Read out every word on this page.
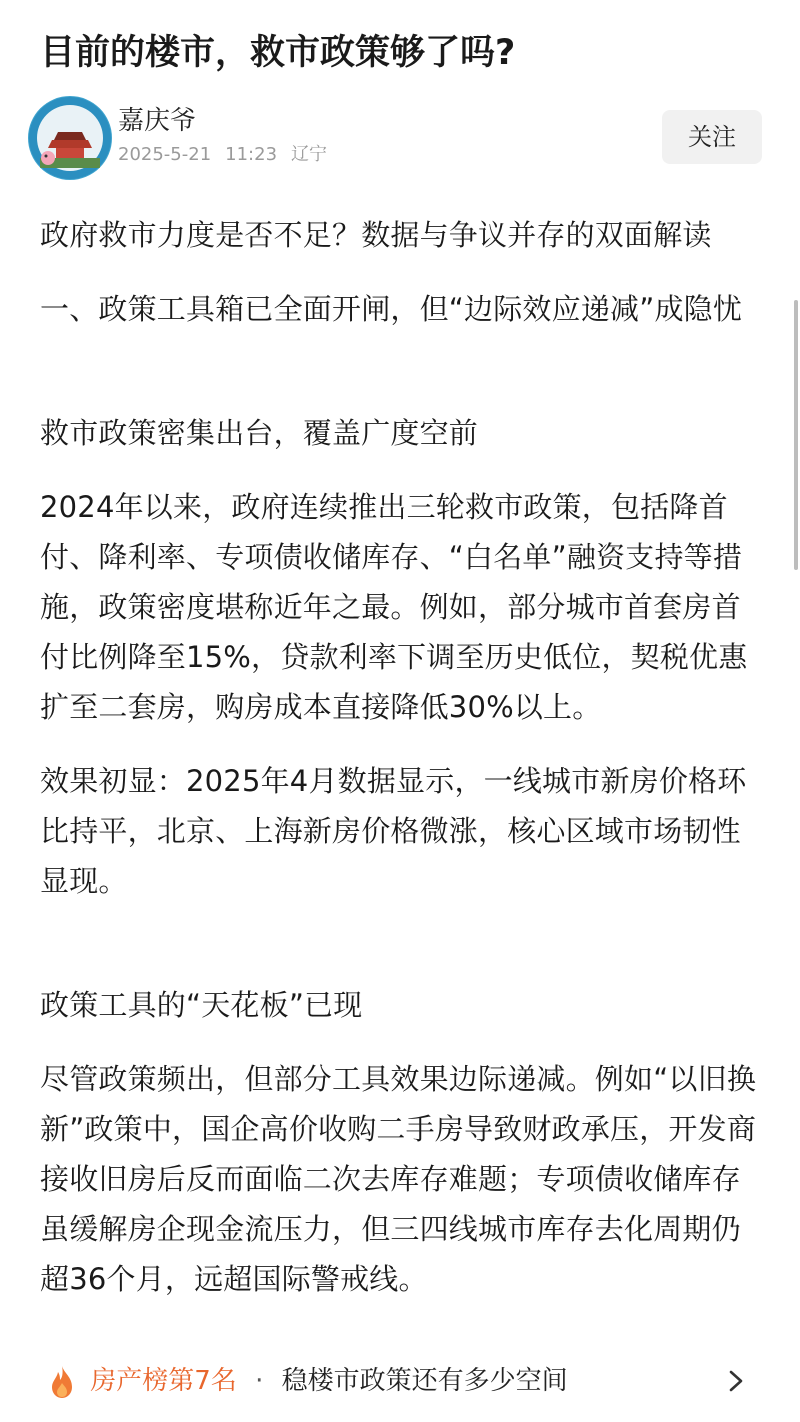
目前的楼市，救市政策够了吗?
嘉庆爷
2025-5-21 11:23 辽宁
关注

政府救市力度是否不足？数据与争议并存的双面解读

一、政策工具箱已全面开闸，但“边际效应递减”成隐忧

救市政策密集出台，覆盖广度空前

2024年以来，政府连续推出三轮救市政策，包括降首付、降利率、专项债收储库存、“白名单”融资支持等措施，政策密度堪称近年之最。例如，部分城市首套房首付比例降至15%，贷款利率下调至历史低位，契税优惠扩至二套房，购房成本直接降低30%以上。

效果初显：2025年4月数据显示，一线城市新房价格环比持平，北京、上海新房价格微涨，核心区域市场韧性显现。

政策工具的“天花板”已现

尽管政策频出，但部分工具效果边际递减。例如“以旧换新”政策中，国企高价收购二手房导致财政承压，开发商接收旧房后反而面临二次去库存难题；专项债收储库存虽缓解房企现金流压力，但三四线城市库存去化周期仍超36个月，远超国际警戒线。

房产榜第7名 · 稳楼市政策还有多少空间
